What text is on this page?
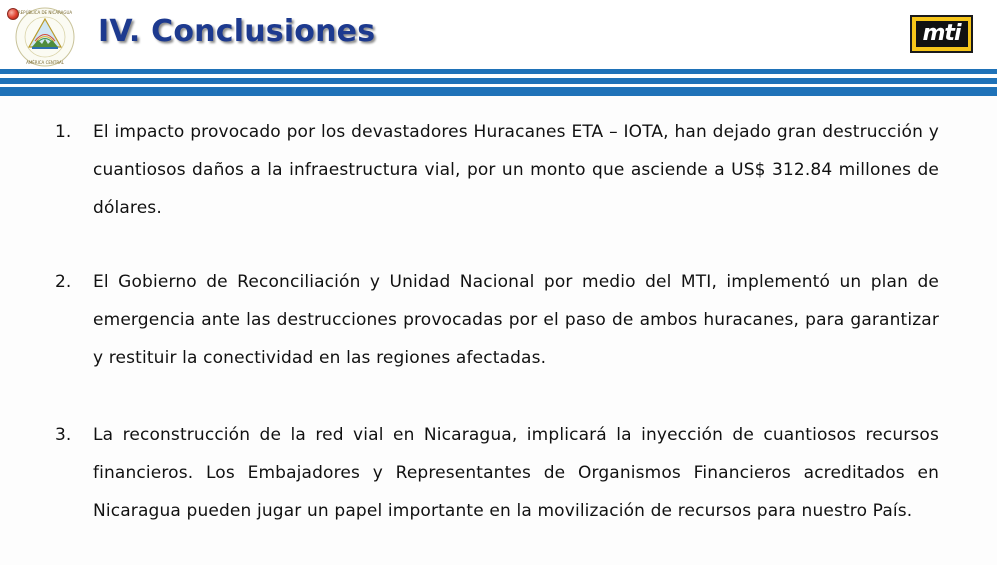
REPÚBLICA DE NICARAGUA
AMÉRICA CENTRAL
IV. Conclusiones	mti
1.	El impacto provocado por los devastadores Huracanes ETA – IOTA, han dejado gran destrucción y cuantiosos daños a la infraestructura vial, por un monto que asciende a US$ 312.84 millones de dólares.
2.	El Gobierno de Reconciliación y Unidad Nacional por medio del MTI, implementó un plan de emergencia ante las destrucciones provocadas por el paso de ambos huracanes, para garantizar y restituir la conectividad en las regiones afectadas.
3.	La reconstrucción de la red vial en Nicaragua, implicará la inyección de cuantiosos recursos financieros. Los Embajadores y Representantes de Organismos Financieros acreditados en Nicaragua pueden jugar un papel importante en la movilización de recursos para nuestro País.
